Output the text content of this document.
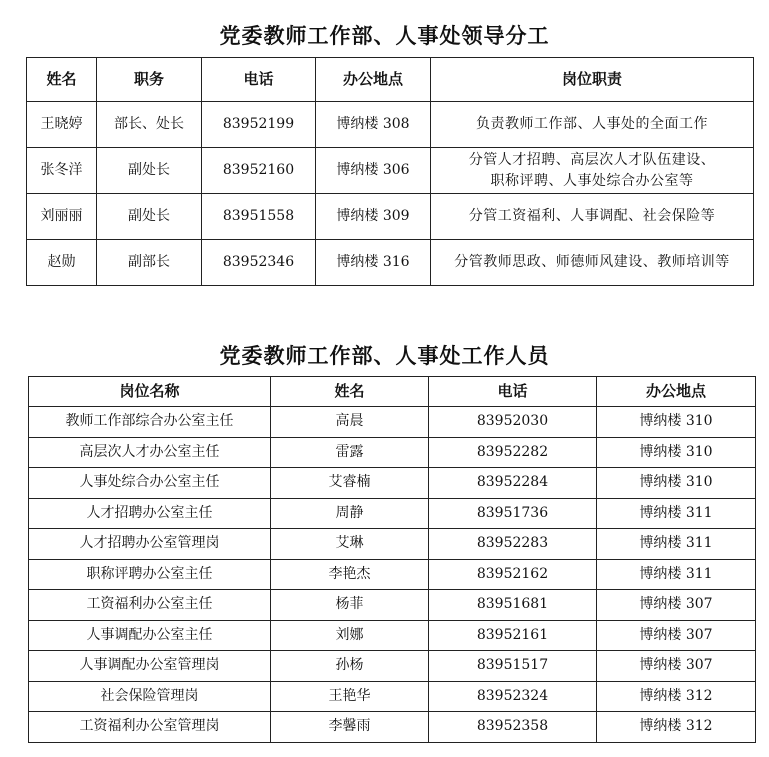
党委教师工作部、人事处领导分工
姓名	职务	电话	办公地点	岗位职责
王晓婷	部长、处长	83952199	博纳楼 308	负责教师工作部、人事处的全面工作
张冬洋	副处长	83952160	博纳楼 306	分管人才招聘、高层次人才队伍建设、
职称评聘、人事处综合办公室等

刘丽丽	副处长	83951558	博纳楼 309	分管工资福利、人事调配、社会保险等
赵勋	副部长	83952346	博纳楼 316	分管教师思政、师德师风建设、教师培训等
党委教师工作部、人事处工作人员
岗位名称	姓名	电话	办公地点
教师工作部综合办公室主任	高晨	83952030	博纳楼 310
高层次人才办公室主任	雷露	83952282	博纳楼 310
人事处综合办公室主任	艾睿楠	83952284	博纳楼 310
人才招聘办公室主任	周静	83951736	博纳楼 311
人才招聘办公室管理岗	艾琳	83952283	博纳楼 311
职称评聘办公室主任	李艳杰	83952162	博纳楼 311
工资福利办公室主任	杨菲	83951681	博纳楼 307
人事调配办公室主任	刘娜	83952161	博纳楼 307
人事调配办公室管理岗	孙杨	83951517	博纳楼 307
社会保险管理岗	王艳华	83952324	博纳楼 312
工资福利办公室管理岗	李馨雨	83952358	博纳楼 312
